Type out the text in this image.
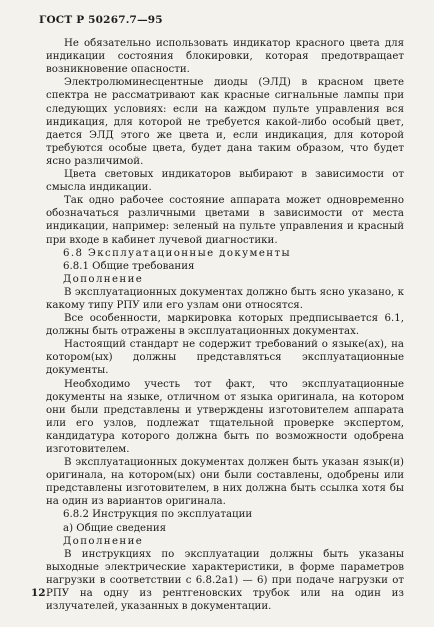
ГОСТ Р 50267.7—95

Не обязательно использовать индикатор красного цвета для индикации состояния блокировки, которая предотвращает возникновение опасности.

Электролюминесцентные диоды (ЭЛД) в красном цвете спектра не рассматривают как красные сигнальные лампы при следующих условиях: если на каждом пульте управления вся индикация, для которой не требуется какой-либо особый цвет, дается ЭЛД этого же цвета и, если индикация, для которой требуются особые цвета, будет дана таким образом, что будет ясно различимой.

Цвета световых индикаторов выбирают в зависимости от смысла индикации.

Так одно рабочее состояние аппарата может одновременно обозначаться различными цветами в зависимости от места индикации, например: зеленый на пульте управления и красный при входе в кабинет лучевой диагностики.

6.8 Эксплуатационные документы

6.8.1 Общие требования

Дополнение

В эксплуатационных документах должно быть ясно указано, к какому типу РПУ или его узлам они относятся.

Все особенности, маркировка которых предписывается 6.1, должны быть отражены в эксплуатационных документах.

Настоящий стандарт не содержит требований о языке(ах), на котором(ых) должны представляться эксплуатационные документы.

Необходимо учесть тот факт, что эксплуатационные документы на языке, отличном от языка оригинала, на котором они были представлены и утверждены изготовителем аппарата или его узлов, подлежат тщательной проверке экспертом, кандидатура которого должна быть по возможности одобрена изготовителем.

В эксплуатационных документах должен быть указан язык(и) оригинала, на котором(ых) они были составлены, одобрены или представлены изготовителем, в них должна быть ссылка хотя бы на один из вариантов оригинала.

6.8.2 Инструкция по эксплуатации

а) Общие сведения

Дополнение

В инструкциях по эксплуатации должны быть указаны выходные электрические характеристики, в форме параметров нагрузки в соответствии с 6.8.2а1) — 6) при подаче нагрузки от РПУ на одну из рентгеновских трубок или на один из излучателей, указанных в документации.

12
